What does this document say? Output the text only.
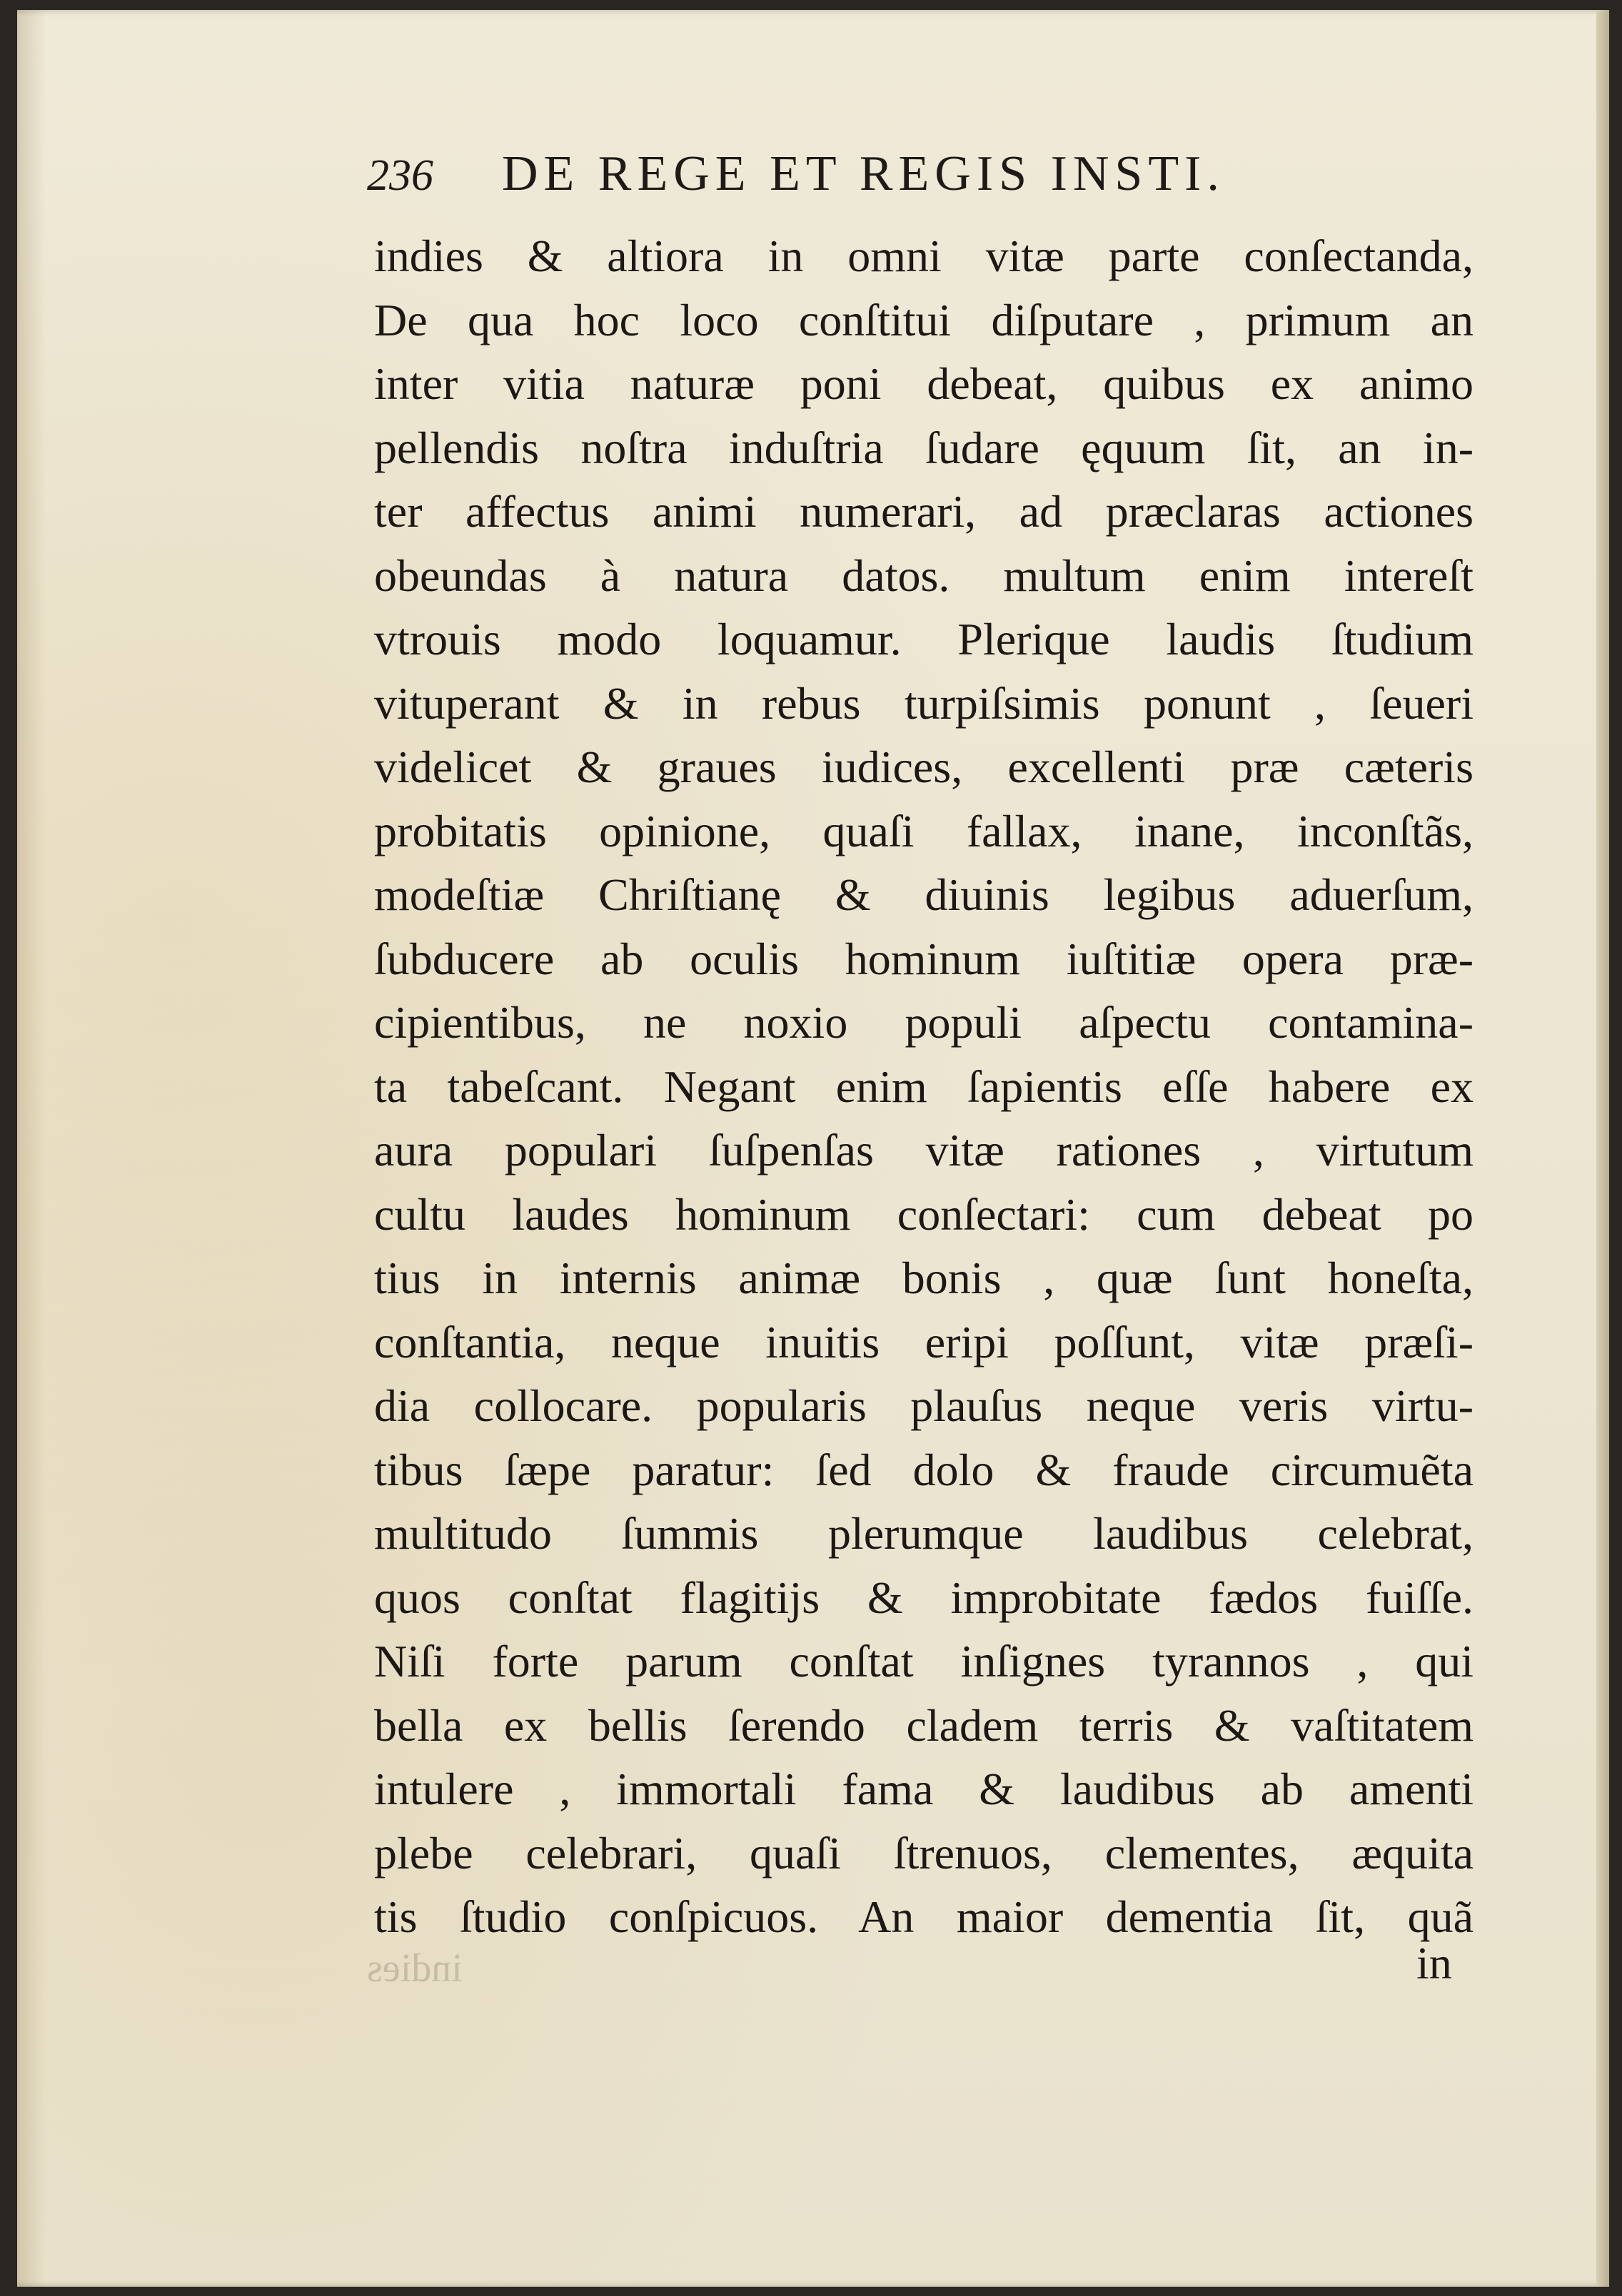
236 DE REGE ET REGIS INSTI.
indies & altiora in omni vitæ parte conſectanda,
De qua hoc loco conſtitui diſputare , primum an
inter vitia naturæ poni debeat, quibus ex animo
pellendis noſtra induſtria ſudare ęquum ſit, an in-
ter affectus animi numerari, ad præclaras actiones
obeundas à natura datos. multum enim intereſt
vtrouis modo loquamur. Plerique laudis ſtudium
vituperant & in rebus turpiſsimis ponunt , ſeueri
videlicet & graues iudices, excellenti præ cæteris
probitatis opinione, quaſi fallax, inane, inconſtãs,
modeſtiæ Chriſtianę & diuinis legibus aduerſum,
ſubducere ab oculis hominum iuſtitiæ opera præ-
cipientibus, ne noxio populi aſpectu contamina-
ta tabeſcant. Negant enim ſapientis eſſe habere ex
aura populari ſuſpenſas vitæ rationes , virtutum
cultu laudes hominum conſectari: cum debeat po
tius in internis animæ bonis , quæ ſunt honeſta,
conſtantia, neque inuitis eripi poſſunt, vitæ præſi-
dia collocare. popularis plauſus neque veris virtu-
tibus ſæpe paratur: ſed dolo & fraude circumuẽta
multitudo ſummis plerumque laudibus celebrat,
quos conſtat flagitijs & improbitate fædos fuiſſe.
Niſi forte parum conſtat inſignes tyrannos , qui
bella ex bellis ſerendo cladem terris & vaſtitatem
intulere , immortali fama & laudibus ab amenti
plebe celebrari, quaſi ſtrenuos, clementes, æquita
tis ſtudio conſpicuos. An maior dementia ſit, quã
indies	in
